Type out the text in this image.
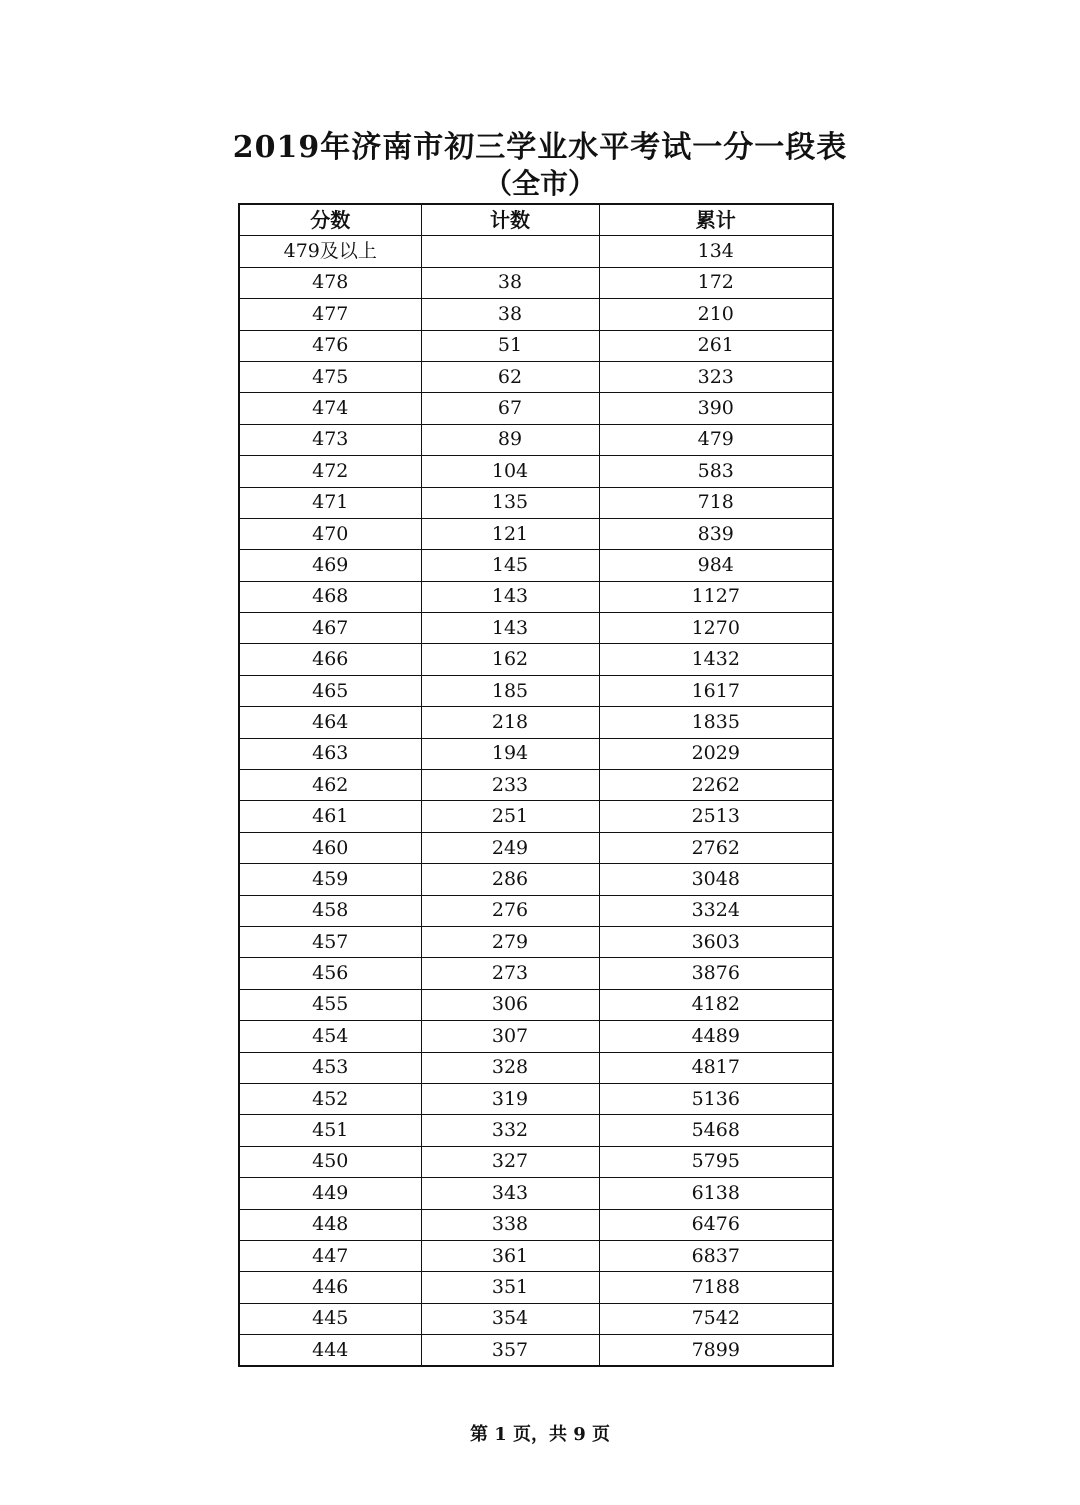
2019年济南市初三学业水平考试一分一段表
（全市）
分数	计数	累计
479及以上		134
478	38	172
477	38	210
476	51	261
475	62	323
474	67	390
473	89	479
472	104	583
471	135	718
470	121	839
469	145	984
468	143	1127
467	143	1270
466	162	1432
465	185	1617
464	218	1835
463	194	2029
462	233	2262
461	251	2513
460	249	2762
459	286	3048
458	276	3324
457	279	3603
456	273	3876
455	306	4182
454	307	4489
453	328	4817
452	319	5136
451	332	5468
450	327	5795
449	343	6138
448	338	6476
447	361	6837
446	351	7188
445	354	7542
444	357	7899
第 1 页，共 9 页
